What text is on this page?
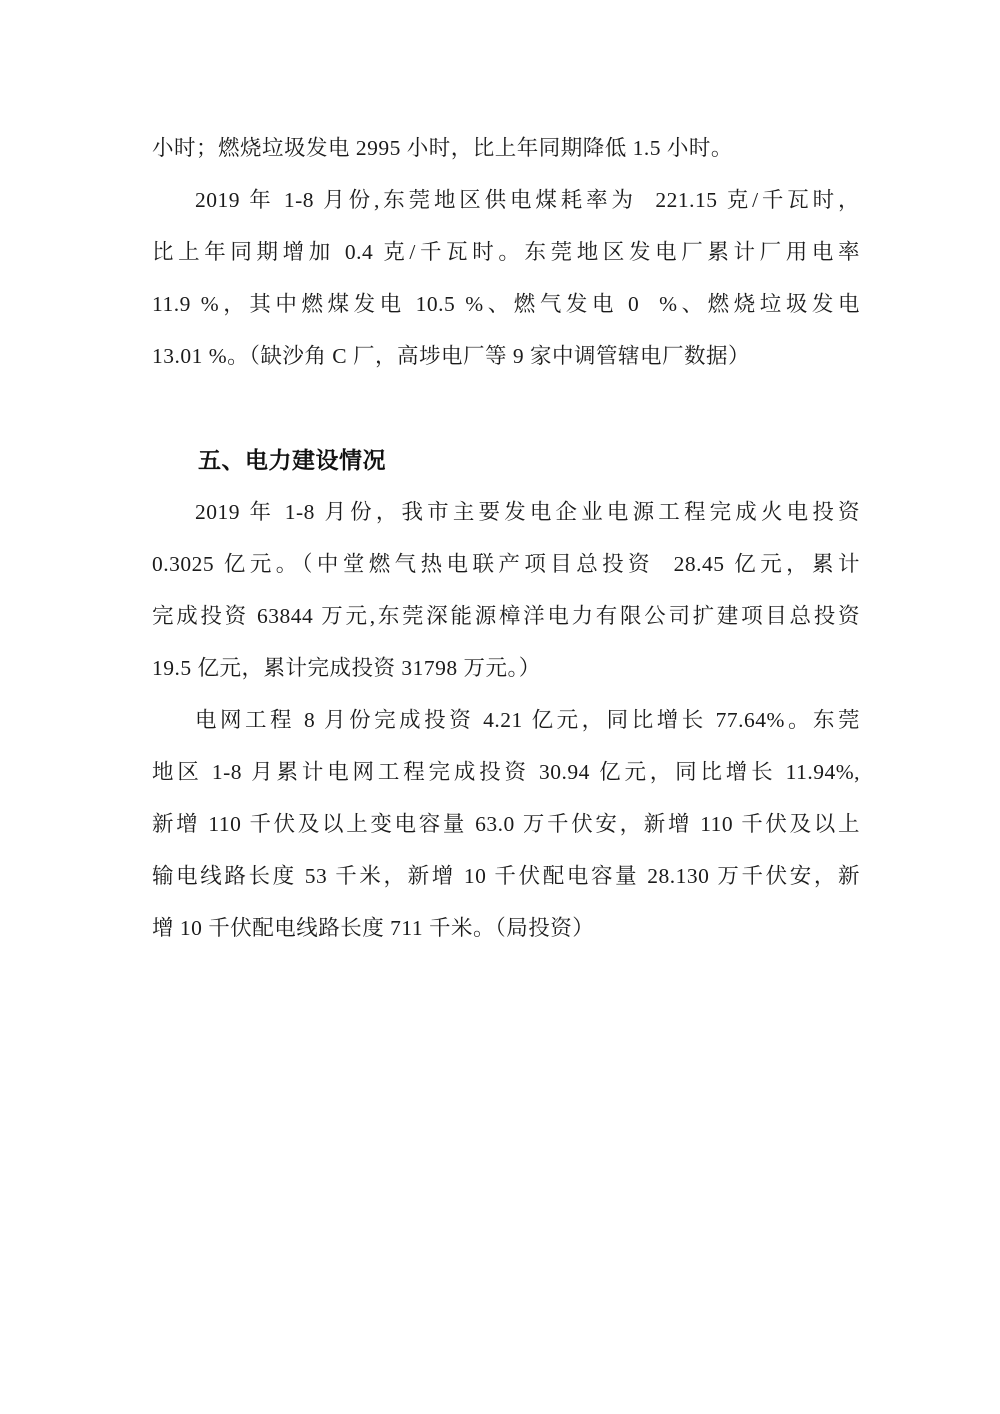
小时；燃烧垃圾发电 2995 小时，比上年同期降低 1.5 小时。
2019 年 1-8 月份,东莞地区供电煤耗率为  221.15 克/千瓦时，
比上年同期增加 0.4 克/千瓦时。东莞地区发电厂累计厂用电率
11.9 %，其中燃煤发电 10.5 %、燃气发电 0  %、燃烧垃圾发电
13.01 %。（缺沙角 C 厂，高埗电厂等 9 家中调管辖电厂数据）
五、电力建设情况
2019 年 1-8 月份，我市主要发电企业电源工程完成火电投资
0.3025 亿元。（中堂燃气热电联产项目总投资  28.45 亿元，累计
完成投资 63844 万元,东莞深能源樟洋电力有限公司扩建项目总投资
19.5 亿元，累计完成投资 31798 万元。）
电网工程 8 月份完成投资 4.21 亿元，同比增长 77.64%。东莞
地区 1-8 月累计电网工程完成投资 30.94 亿元，同比增长 11.94%,
新增 110 千伏及以上变电容量 63.0 万千伏安，新增 110 千伏及以上
输电线路长度 53 千米，新增 10 千伏配电容量 28.130 万千伏安，新
增 10 千伏配电线路长度 711 千米。（局投资）
